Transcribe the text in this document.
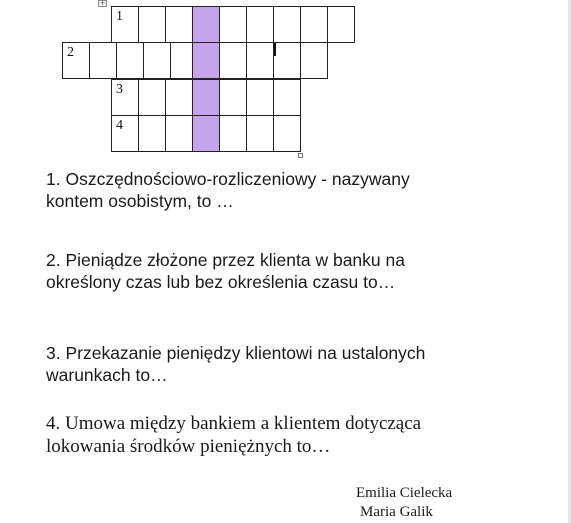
+
1
2
3
4

1. Oszczędnościowo-rozliczeniowy - nazywany
kontem osobistym, to …

2. Pieniądze złożone przez klienta w banku na
określony czas lub bez określenia czasu to…

3. Przekazanie pieniędzy klientowi na ustalonych
warunkach to…

4. Umowa między bankiem a klientem dotycząca
lokowania środków pieniężnych to…

Emilia Cielecka
Maria Galik
